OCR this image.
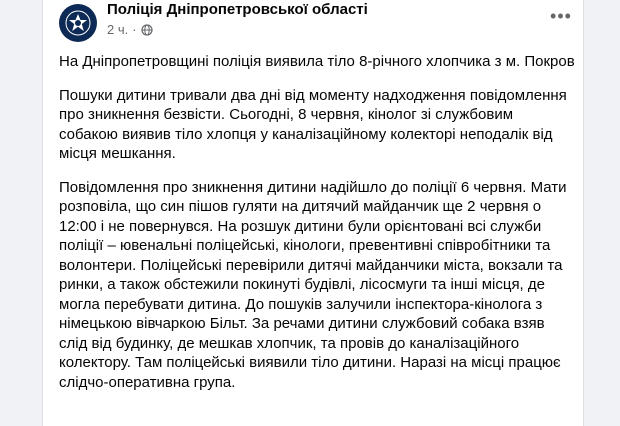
Поліція Дніпропетровської області
2 ч. ·
•••

На Дніпропетровщині поліція виявила тіло 8-річного хлопчика з м. Покров

Пошуки дитини тривали два дні від моменту надходження повідомлення про зникнення безвісти. Сьогодні, 8 червня, кінолог зі службовим собакою виявив тіло хлопця у каналізаційному колекторі неподалік від місця мешкання.

Повідомлення про зникнення дитини надійшло до поліції 6 червня. Мати розповіла, що син пішов гуляти на дитячий майданчик ще 2 червня о 12:00 і не повернувся. На розшук дитини були орієнтовані всі служби поліції – ювенальні поліцейські, кінологи, превентивні співробітники та волонтери. Поліцейські перевірили дитячі майданчики міста, вокзали та ринки, а також обстежили покинуті будівлі, лісосмуги та інші місця, де могла перебувати дитина. До пошуків залучили інспектора-кінолога з німецькою вівчаркою Більт. За речами дитини службовий собака взяв слід від будинку, де мешкав хлопчик, та провів до каналізаційного колектору. Там поліцейські виявили тіло дитини. Наразі на місці працює слідчо-оперативна група.
